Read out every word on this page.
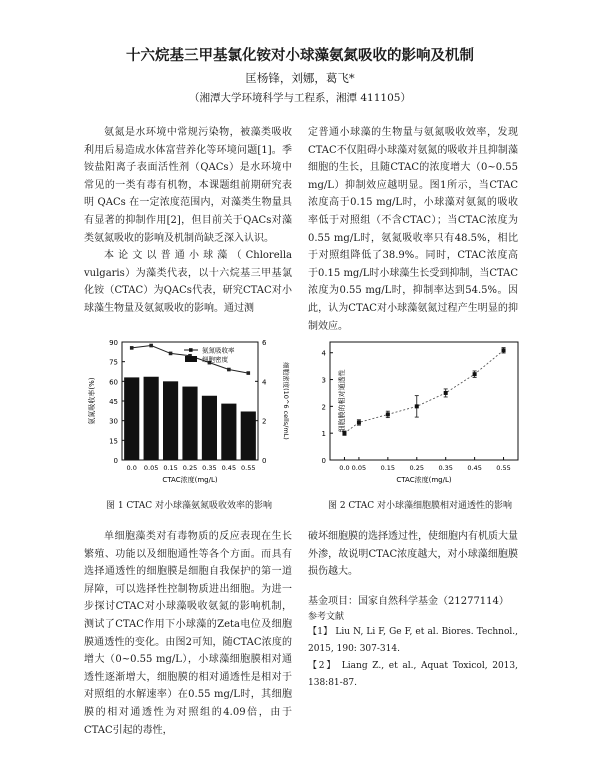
十六烷基三甲基氯化铵对小球藻氨氮吸收的影响及机制
匡杨锋，刘娜，葛飞*
（湘潭大学环境科学与工程系，湘潭 411105）

氨氮是水环境中常规污染物，被藻类吸收利用后易造成水体富营养化等环境问题[1]。季铵盐阳离子表面活性剂（QACs）是水环境中常见的一类有毒有机物，本课题组前期研究表明 QACs 在一定浓度范围内，对藻类生物量具有显著的抑制作用[2]，但目前关于QACs对藻类氨氮吸收的影响及机制尚缺乏深入认识。

本论文以普通小球藻（Chlorella vulgaris）为藻类代表，以十六烷基三甲基氯化铵（CTAC）为QACs代表，研究CTAC对小球藻生物量及氨氮吸收的影响。通过测

定普通小球藻的生物量与氨氮吸收效率，发现CTAC不仅阻碍小球藻对氨氮的吸收并且抑制藻细胞的生长，且随CTAC的浓度增大（0~0.55 mg/L）抑制效应越明显。图1所示，当CTAC浓度高于0.15 mg/L时，小球藻对氨氮的吸收率低于对照组（不含CTAC）；当CTAC浓度为0.55 mg/L时，氨氮吸收率只有48.5%，相比于对照组降低了38.9%。同时，CTAC浓度高于0.15 mg/L时小球藻生长受到抑制，当CTAC浓度为0.55 mg/L时，抑制率达到54.5%。因此，认为CTAC对小球藻氨氮过程产生明显的抑制效应。

0
15
30
45
60
75
90
0
2
4
6
0.0 0.05 0.15 0.25 0.35 0.45 0.55
CTAC浓度(mg/L)
氨氮吸收率(%)	细胞密度(10^6 cells/mL)
氨氮吸收率
细胞密度
0
1
2
3
4
0.0 0.05 0.15 0.25 0.35 0.45 0.55
CTAC浓度(mg/L)
细胞膜的相对通透性
图 1 CTAC 对小球藻氨氮吸收效率的影响	图 2 CTAC 对小球藻细胞膜相对通透性的影响

单细胞藻类对有毒物质的反应表现在生长繁殖、功能以及细胞通性等各个方面。而具有选择通透性的细胞膜是细胞自我保护的第一道屏障，可以选择性控制物质进出细胞。为进一步探讨CTAC对小球藻吸收氨氮的影响机制，测试了CTAC作用下小球藻的Zeta电位及细胞膜通透性的变化。由图2可知，随CTAC浓度的增大（0~0.55 mg/L），小球藻细胞膜相对通透性逐渐增大，细胞膜的相对通透性是相对于对照组的水解速率）在0.55 mg/L时，其细胞膜的相对通透性为对照组的4.09倍，由于CTAC引起的毒性，

破坏细胞膜的选择透过性，使细胞内有机质大量外渗，故说明CTAC浓度越大，对小球藻细胞膜损伤越大。

基金项目：国家自然科学基金（21277114）

参考文献

【1】 Liu N, Li F, Ge F, et al. Biores. Technol., 2015, 190: 307-314.

【2】 Liang Z., et al., Aquat Toxicol, 2013, 138:81-87.
